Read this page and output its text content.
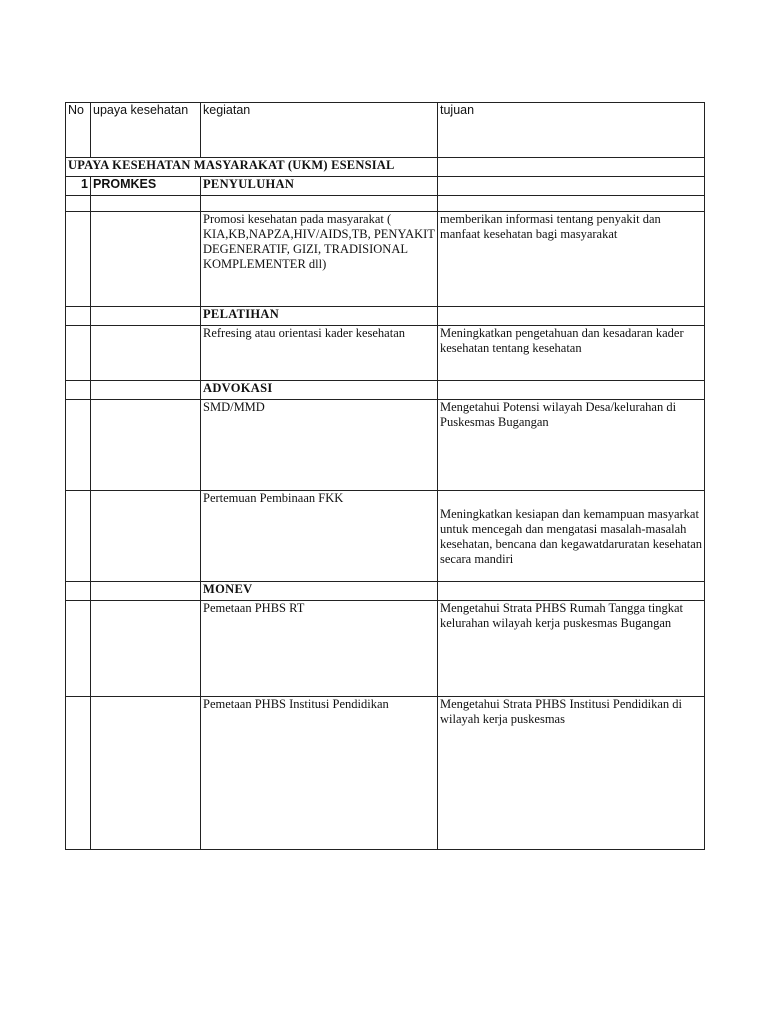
No	upaya kesehatan	kegiatan	tujuan
UPAYA KESEHATAN MASYARAKAT (UKM) ESENSIAL			
1	PROMKES	PENYULUHAN	

		Promosi kesehatan pada masyarakat ( KIA,KB,NAPZA,HIV/AIDS,TB, PENYAKIT DEGENERATIF, GIZI, TRADISIONAL KOMPLEMENTER dll)	memberikan informasi tentang penyakit dan manfaat kesehatan bagi masyarakat
		PELATIHAN	
		Refresing atau orientasi kader kesehatan	Meningkatkan pengetahuan dan kesadaran kader kesehatan tentang kesehatan
		ADVOKASI	
		SMD/MMD	Mengetahui Potensi wilayah Desa/kelurahan di Puskesmas Bugangan
		Pertemuan Pembinaan FKK	Meningkatkan kesiapan dan kemampuan masyarkat untuk mencegah dan mengatasi masalah-masalah kesehatan, bencana dan kegawatdaruratan kesehatan secara mandiri
		MONEV	
		Pemetaan PHBS RT	Mengetahui Strata PHBS Rumah Tangga tingkat kelurahan wilayah kerja puskesmas Bugangan
		Pemetaan PHBS Institusi Pendidikan	Mengetahui Strata PHBS Institusi Pendidikan di wilayah kerja puskesmas
